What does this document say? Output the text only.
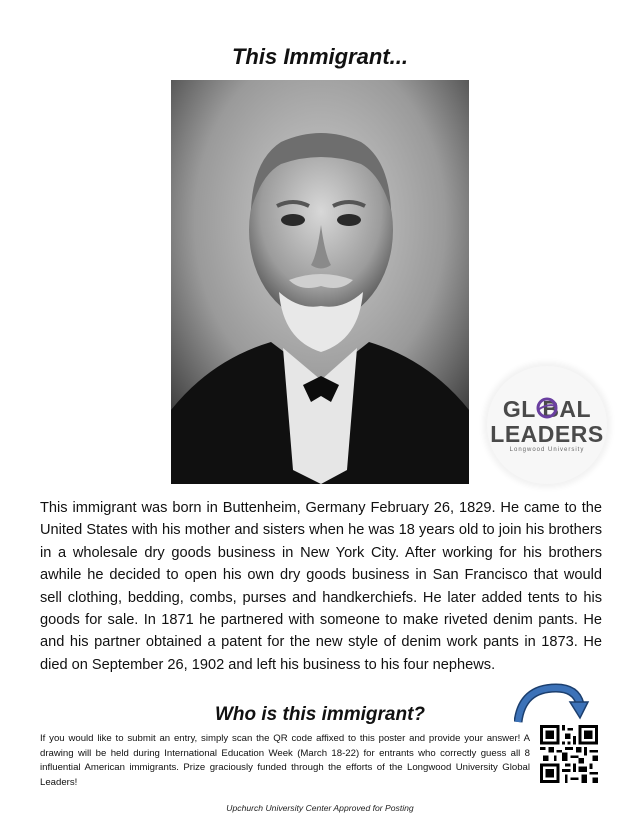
This Immigrant...
GL BAL
LEADERS
Longwood University
This immigrant was born in Buttenheim, Germany February 26, 1829. He came to the United States with his mother and sisters when he was 18 years old to join his brothers in a wholesale dry goods business in New York City. After working for his brothers awhile he decided to open his own dry goods business in San Francisco that would sell clothing, bedding, combs, purses and handkerchiefs. He later added tents to his goods for sale. In 1871 he partnered with someone to make riveted denim pants. He and his partner obtained a patent for the new style of denim work pants in 1873. He died on September 26, 1902 and left his business to his four nephews.
Who is this immigrant?
If you would like to submit an entry, simply scan the QR code affixed to this poster and provide your answer! A drawing will be held during International Education Week (March 18-22) for entrants who correctly guess all 8 influential American immigrants. Prize graciously funded through the efforts of the Longwood University Global Leaders!
Upchurch University Center Approved for Posting
